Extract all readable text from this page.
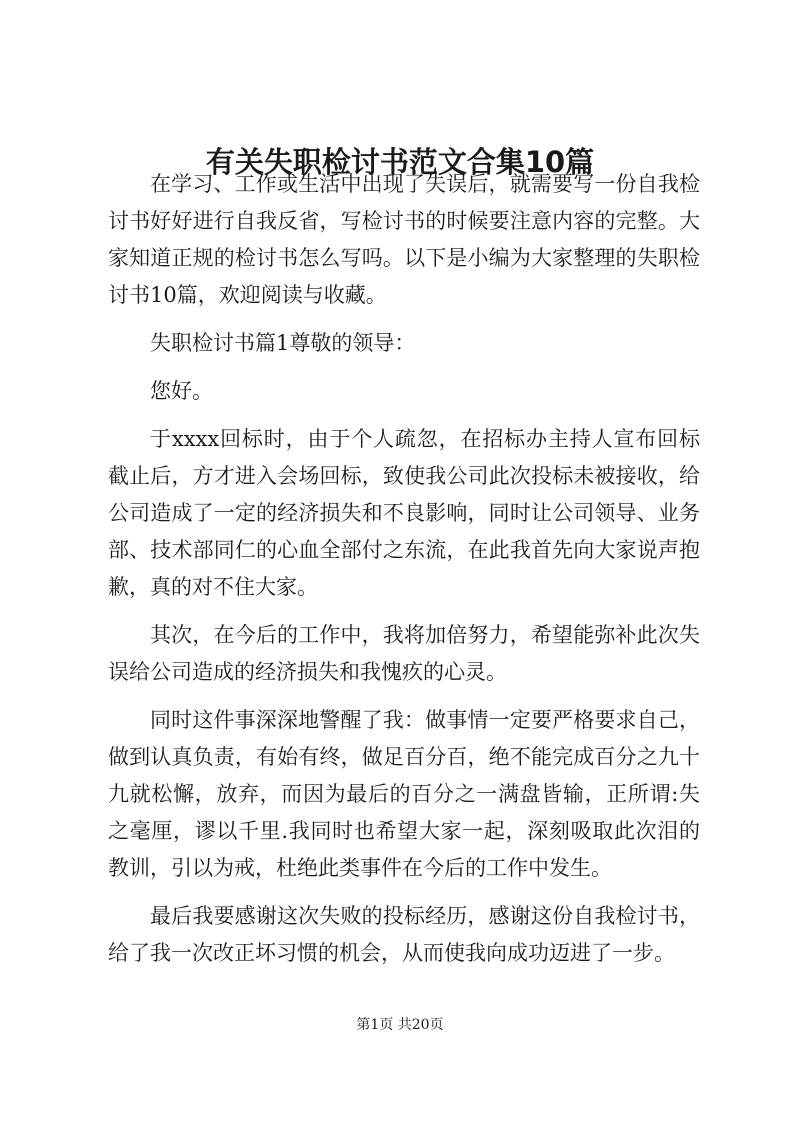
有关失职检讨书范文合集10篇

在学习、工作或生活中出现了失误后，就需要写一份自我检讨书好好进行自我反省，写检讨书的时候要注意内容的完整。大家知道正规的检讨书怎么写吗。以下是小编为大家整理的失职检讨书10篇，欢迎阅读与收藏。

失职检讨书篇1尊敬的领导：

您好。

于xxxx回标时，由于个人疏忽，在招标办主持人宣布回标截止后，方才进入会场回标，致使我公司此次投标未被接收，给公司造成了一定的经济损失和不良影响，同时让公司领导、业务部、技术部同仁的心血全部付之东流，在此我首先向大家说声抱歉，真的对不住大家。

其次，在今后的工作中，我将加倍努力，希望能弥补此次失误给公司造成的经济损失和我愧疚的心灵。

同时这件事深深地警醒了我：做事情一定要严格要求自己，做到认真负责，有始有终，做足百分百，绝不能完成百分之九十九就松懈，放弃，而因为最后的百分之一满盘皆输，正所谓:失之毫厘，谬以千里.我同时也希望大家一起，深刻吸取此次泪的教训，引以为戒，杜绝此类事件在今后的工作中发生。

最后我要感谢这次失败的投标经历，感谢这份自我检讨书，给了我一次改正坏习惯的机会，从而使我向成功迈进了一步。

第1页 共20页
